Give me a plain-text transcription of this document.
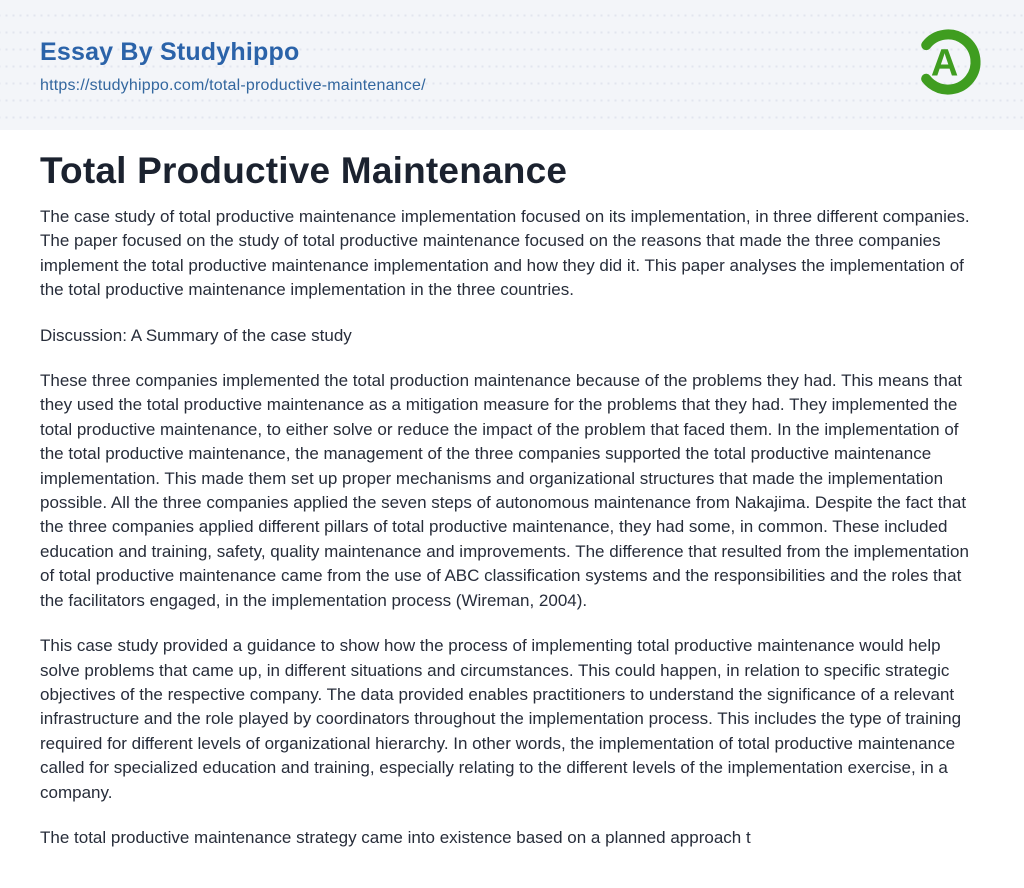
Essay By Studyhippo
https://studyhippo.com/total-productive-maintenance/
A
Total Productive Maintenance

The case study of total productive maintenance implementation focused on its implementation, in three different companies. The paper focused on the study of total productive maintenance focused on the reasons that made the three companies implement the total productive maintenance implementation and how they did it. This paper analyses the implementation of the total productive maintenance implementation in the three countries.

Discussion: A Summary of the case study

These three companies implemented the total production maintenance because of the problems they had. This means that they used the total productive maintenance as a mitigation measure for the problems that they had. They implemented the total productive maintenance, to either solve or reduce the impact of the problem that faced them. In the implementation of the total productive maintenance, the management of the three companies supported the total productive maintenance implementation. This made them set up proper mechanisms and organizational structures that made the implementation possible. All the three companies applied the seven steps of autonomous maintenance from Nakajima. Despite the fact that the three companies applied different pillars of total productive maintenance, they had some, in common. These included education and training, safety, quality maintenance and improvements. The difference that resulted from the implementation of total productive maintenance came from the use of ABC classification systems and the responsibilities and the roles that the facilitators engaged, in the implementation process (Wireman, 2004).

This case study provided a guidance to show how the process of implementing total productive maintenance would help solve problems that came up, in different situations and circumstances. This could happen, in relation to specific strategic objectives of the respective company. The data provided enables practitioners to understand the significance of a relevant infrastructure and the role played by coordinators throughout the implementation process. This includes the type of training required for different levels of organizational hierarchy. In other words, the implementation of total productive maintenance called for specialized education and training, especially relating to the different levels of the implementation exercise, in a company.

The total productive maintenance strategy came into existence based on a planned approach t
